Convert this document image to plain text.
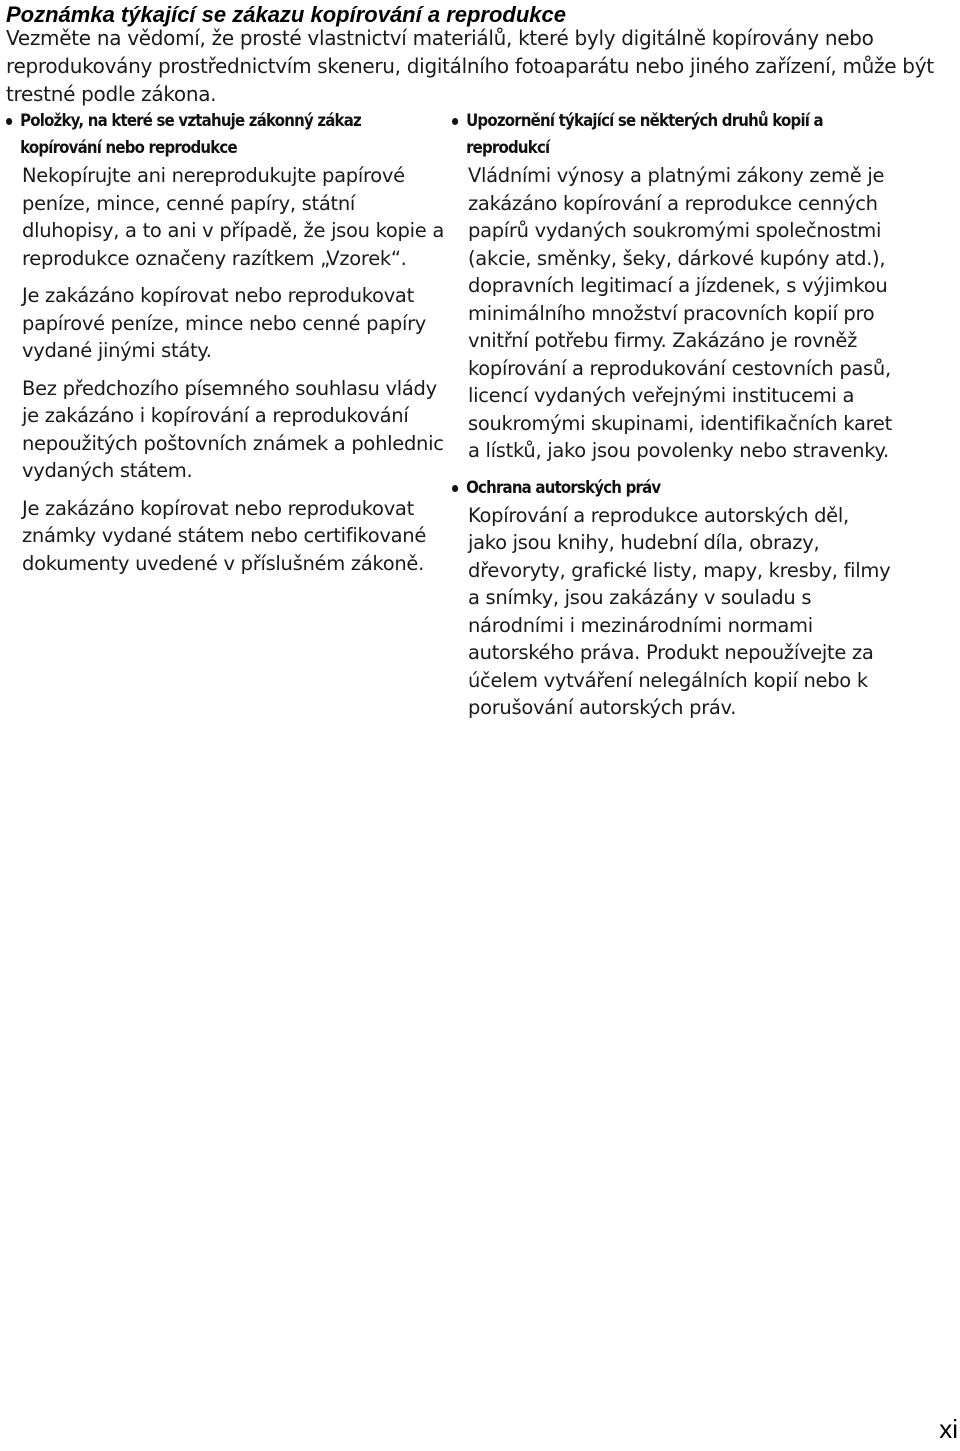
Poznámka týkající se zákazu kopírování a reprodukce

Vezměte na vědomí, že prosté vlastnictví materiálů, které byly digitálně kopírovány nebo reprodukovány prostřednictvím skeneru, digitálního fotoaparátu nebo jiného zařízení, může být trestné podle zákona.

Položky, na které se vztahuje zákonný zákaz kopírování nebo reprodukce

Nekopírujte ani nereprodukujte papírové peníze, mince, cenné papíry, státní dluhopisy, a to ani v případě, že jsou kopie a reprodukce označeny razítkem „Vzorek“.

Je zakázáno kopírovat nebo reprodukovat papírové peníze, mince nebo cenné papíry vydané jinými státy.

Bez předchozího písemného souhlasu vlády je zakázáno i kopírování a reprodukování nepoužitých poštovních známek a pohlednic vydaných státem.

Je zakázáno kopírovat nebo reprodukovat známky vydané státem nebo certifikované dokumenty uvedené v příslušném zákoně.

Upozornění týkající se některých druhů kopií a reprodukcí

Vládními výnosy a platnými zákony země je zakázáno kopírování a reprodukce cenných papírů vydaných soukromými společnostmi (akcie, směnky, šeky, dárkové kupóny atd.), dopravních legitimací a jízdenek, s výjimkou minimálního množství pracovních kopií pro vnitřní potřebu firmy. Zakázáno je rovněž kopírování a reprodukování cestovních pasů, licencí vydaných veřejnými institucemi a soukromými skupinami, identifikačních karet a lístků, jako jsou povolenky nebo stravenky.

Ochrana autorských práv

Kopírování a reprodukce autorských děl, jako jsou knihy, hudební díla, obrazy, dřevoryty, grafické listy, mapy, kresby, filmy a snímky, jsou zakázány v souladu s národními i mezinárodními normami autorského práva. Produkt nepoužívejte za účelem vytváření nelegálních kopií nebo k porušování autorských práv.

xi
